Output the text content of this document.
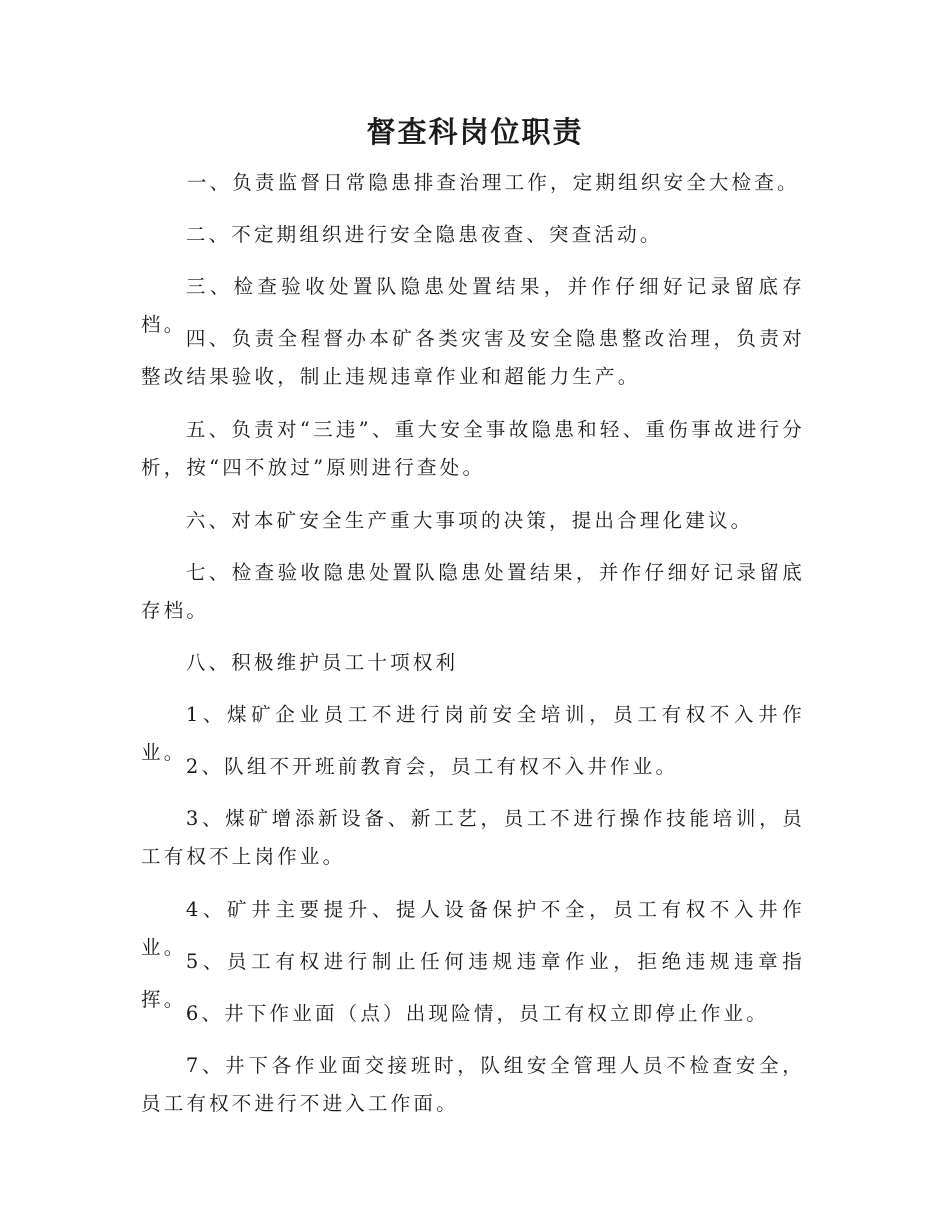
督查科岗位职责

一、负责监督日常隐患排查治理工作，定期组织安全大检查。

二、不定期组织进行安全隐患夜查、突查活动。

三、检查验收处置队隐患处置结果，并作仔细好记录留底存档。

四、负责全程督办本矿各类灾害及安全隐患整改治理，负责对整改结果验收，制止违规违章作业和超能力生产。

五、负责对“三违”、重大安全事故隐患和轻、重伤事故进行分析，按“四不放过”原则进行查处。

六、对本矿安全生产重大事项的决策，提出合理化建议。

七、检查验收隐患处置队隐患处置结果，并作仔细好记录留底存档。

八、积极维护员工十项权利

1、煤矿企业员工不进行岗前安全培训，员工有权不入井作业。

2、队组不开班前教育会，员工有权不入井作业。

3、煤矿增添新设备、新工艺，员工不进行操作技能培训，员工有权不上岗作业。

4、矿井主要提升、提人设备保护不全，员工有权不入井作业。

5、员工有权进行制止任何违规违章作业，拒绝违规违章指挥。

6、井下作业面（点）出现险情，员工有权立即停止作业。

7、井下各作业面交接班时，队组安全管理人员不检查安全，员工有权不进行不进入工作面。
